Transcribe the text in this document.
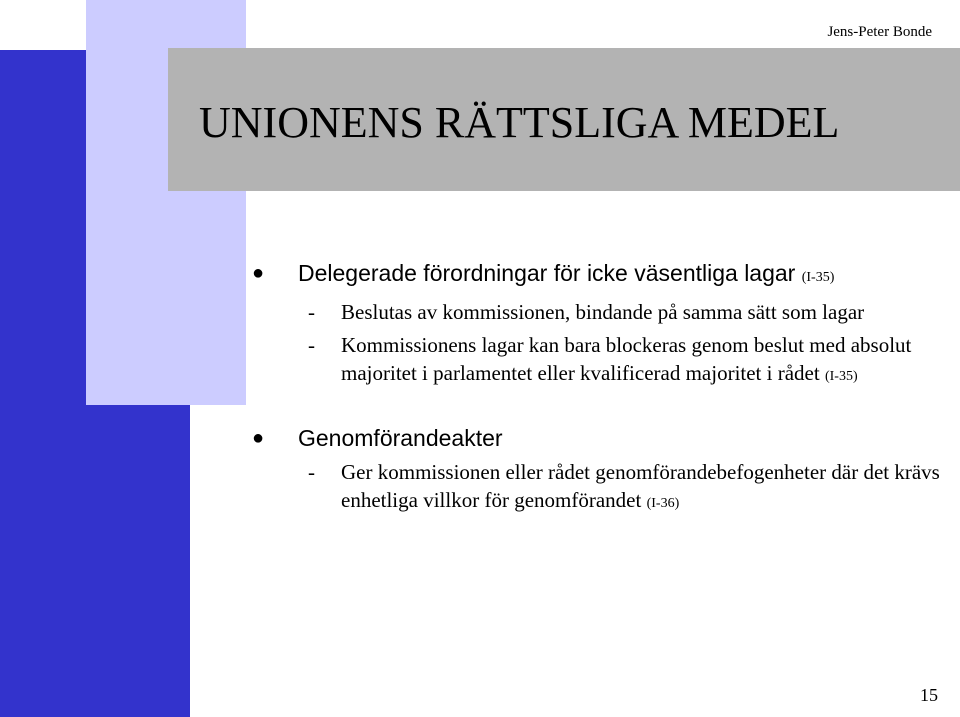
Jens-Peter Bonde
UNIONENS RÄTTSLIGA MEDEL
● Delegerade förordningar för icke väsentliga lagar (I-35)
- Beslutas av kommissionen, bindande på samma sätt som lagar
- Kommissionens lagar kan bara blockeras genom beslut med absolut majoritet i parlamentet eller kvalificerad majoritet i rådet (I-35)
● Genomförandeakter
- Ger kommissionen eller rådet genomförandebefogenheter där det krävs enhetliga villkor för genomförandet (I-36)
15
